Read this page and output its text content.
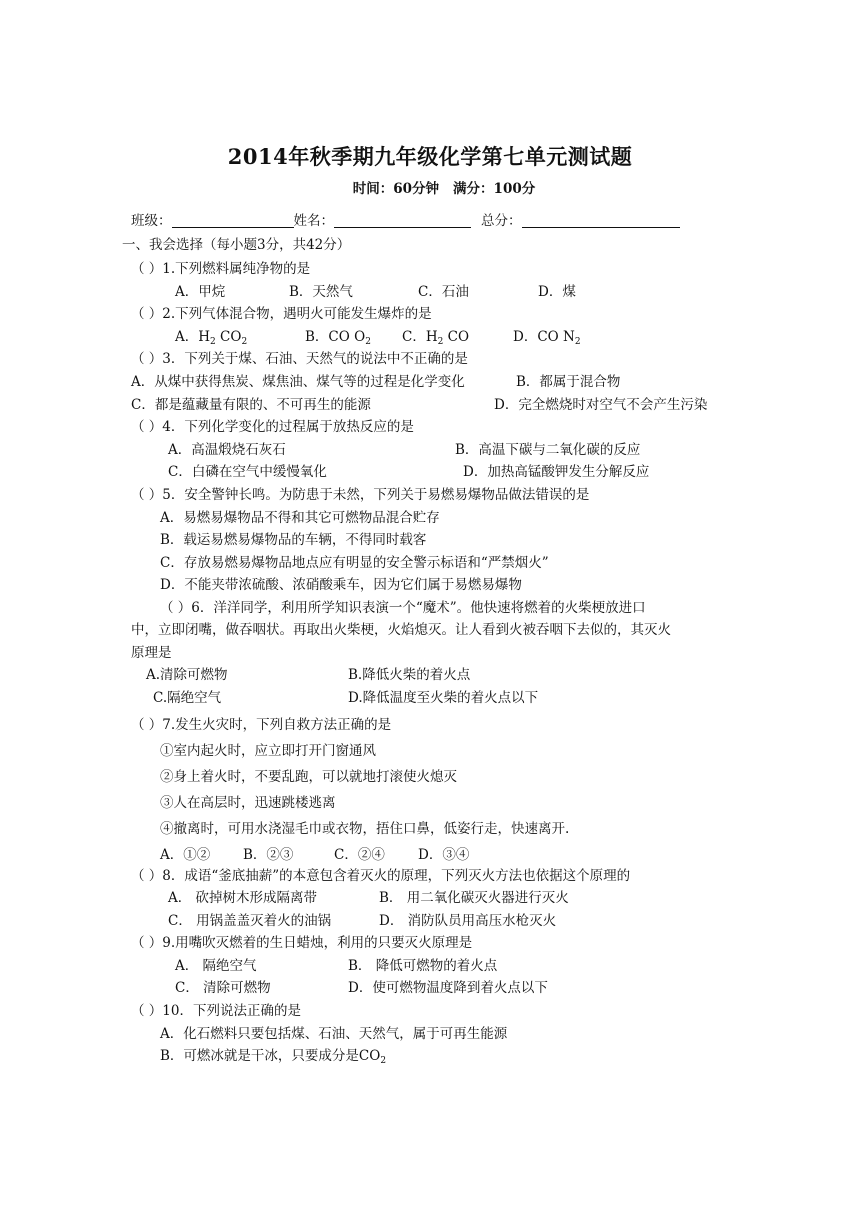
2014年秋季期九年级化学第七单元测试题
时间：60分钟 满分：100分
班级：	姓名：	总分：
一、我会选择（每小题3分，共42分）
（ ）1.下列燃料属纯净物的是
A．甲烷	B．天然气	C．石油	D．煤
（ ）2.下列气体混合物，遇明火可能发生爆炸的是
A．$H_2$ $CO_2$	B．CO $O_2$ C．$H_2$ CO	D．CO $N_2$
（ ）3．下列关于煤、石油、天然气的说法中不正确的是
A．从煤中获得焦炭、煤焦油、煤气等的过程是化学变化	B．都属于混合物
C．都是蕴藏量有限的、不可再生的能源	D．完全燃烧时对空气不会产生污染
（ ）4．下列化学变化的过程属于放热反应的是
A．高温煅烧石灰石	B．高温下碳与二氧化碳的反应
C．白磷在空气中缓慢氧化	D．加热高锰酸钾发生分解反应
（ ）5．安全警钟长鸣。为防患于未然，下列关于易燃易爆物品做法错误的是
A．易燃易爆物品不得和其它可燃物品混合贮存
B．载运易燃易爆物品的车辆，不得同时载客
C．存放易燃易爆物品地点应有明显的安全警示标语和“严禁烟火”
D．不能夹带浓硫酸、浓硝酸乘车，因为它们属于易燃易爆物
（ ）6．洋洋同学，利用所学知识表演一个“魔术”。他快速将燃着的火柴梗放进口
中，立即闭嘴，做吞咽状。再取出火柴梗，火焰熄灭。让人看到火被吞咽下去似的，其灭火
原理是
A.清除可燃物	B.降低火柴的着火点
C.隔绝空气	D.降低温度至火柴的着火点以下
（ ）7.发生火灾时，下列自救方法正确的是
①室内起火时，应立即打开门窗通风
②身上着火时，不要乱跑，可以就地打滚使火熄灭
③人在高层时，迅速跳楼逃离
④撤离时，可用水浇湿毛巾或衣物，捂住口鼻，低姿行走，快速离开.
A．①② B．②③	C．②④ D．③④
（ ）8．成语“釜底抽薪”的本意包含着灭火的原理，下列灭火方法也依据这个原理的
A． 砍掉树木形成隔离带	B． 用二氧化碳灭火器进行灭火
C． 用锅盖盖灭着火的油锅	D． 消防队员用高压水枪灭火
（ ）9.用嘴吹灭燃着的生日蜡烛，利用的只要灭火原理是
A． 隔绝空气	B． 降低可燃物的着火点
C． 清除可燃物	D．使可燃物温度降到着火点以下
（ ）10．下列说法正确的是
A．化石燃料只要包括煤、石油、天然气，属于可再生能源
B．可燃冰就是干冰，只要成分是$CO_2$
